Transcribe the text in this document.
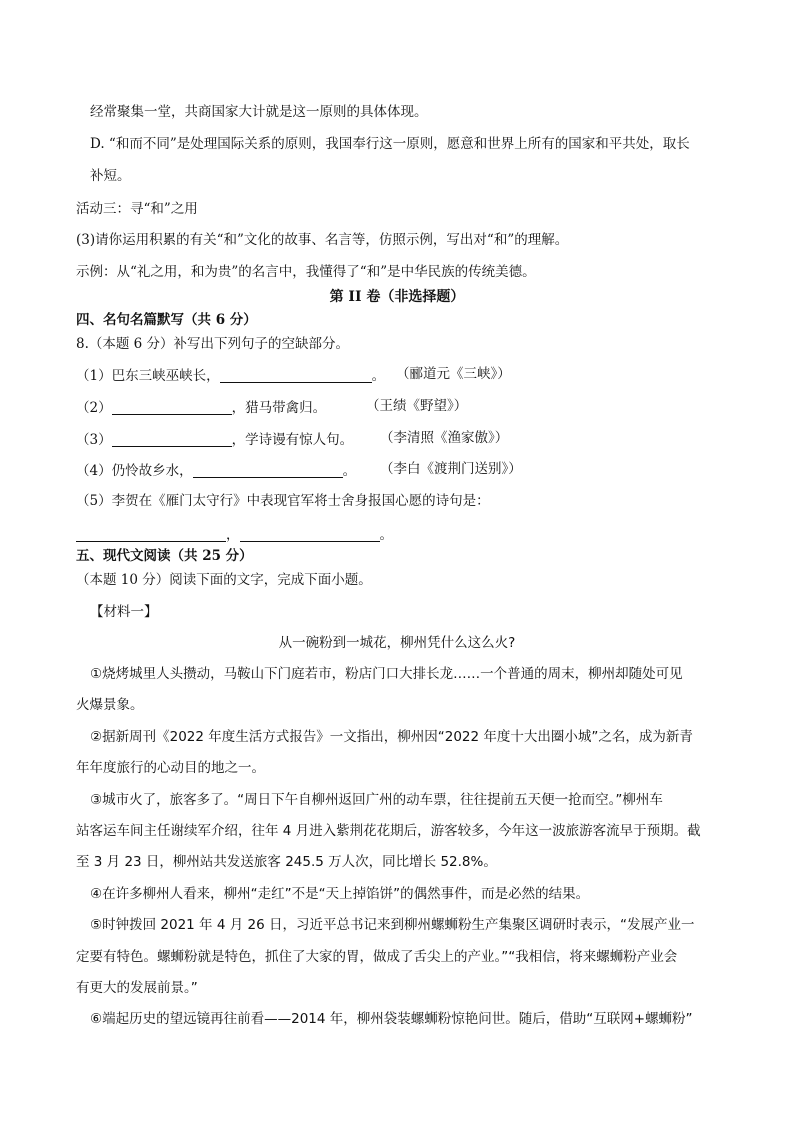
经常聚集一堂，共商国家大计就是这一原则的具体体现。
D. “和而不同”是处理国际关系的原则，我国奉行这一原则，愿意和世界上所有的国家和平共处，取长
补短。
活动三：寻“和”之用
(3)请你运用积累的有关“和”文化的故事、名言等，仿照示例，写出对“和”的理解。
示例：从“礼之用，和为贵”的名言中，我懂得了“和”是中华民族的传统美德。
第 II 卷（非选择题）
四、名句名篇默写（共 6 分）
8.（本题 6 分）补写出下列句子的空缺部分。
（1）巴东三峡巫峡长，	。 （郦道元《三峡》）
（2）	，猎马带禽归。	（王绩《野望》）
（3）	，学诗谩有惊人句。 （李清照《渔家傲》）
（4）仍怜故乡水，	。 （李白《渡荆门送别》）
（5）李贺在《雁门太守行》中表现官军将士舍身报国心愿的诗句是：
，	。
五、现代文阅读（共 25 分）
（本题 10 分）阅读下面的文字，完成下面小题。
【材料一】
从一碗粉到一城花，柳州凭什么这么火?
①烧烤城里人头攒动，马鞍山下门庭若市，粉店门口大排长龙……一个普通的周末，柳州却随处可见
火爆景象。
②据新周刊《2022 年度生活方式报告》一文指出，柳州因“2022 年度十大出圈小城”之名，成为新青
年年度旅行的心动目的地之一。
③城市火了，旅客多了。“周日下午自柳州返回广州的动车票，往往提前五天便一抢而空。”柳州车
站客运车间主任谢续军介绍，往年 4 月进入紫荆花花期后，游客较多，今年这一波旅游客流早于预期。截
至 3 月 23 日，柳州站共发送旅客 245.5 万人次，同比增长 52.8%。
④在许多柳州人看来，柳州“走红”不是“天上掉馅饼”的偶然事件，而是必然的结果。
⑤时钟拨回 2021 年 4 月 26 日，习近平总书记来到柳州螺蛳粉生产集聚区调研时表示，“发展产业一
定要有特色。螺蛳粉就是特色，抓住了大家的胃，做成了舌尖上的产业。”“我相信，将来螺蛳粉产业会
有更大的发展前景。”
⑥端起历史的望远镜再往前看——2014 年，柳州袋装螺蛳粉惊艳问世。随后，借助“互联网+螺蛳粉”
